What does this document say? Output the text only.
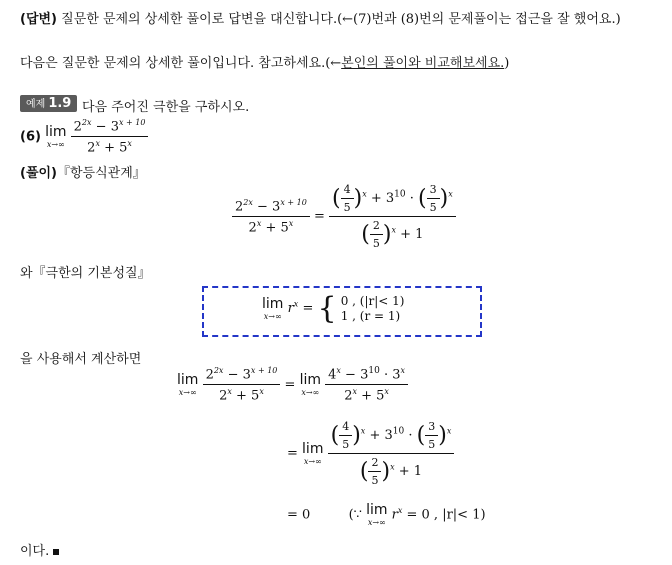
(답변) 질문한 문제의 상세한 풀이로 답변을 대신합니다.(←(7)번과 (8)번의 문제풀이는 접근을 잘 했어요.)
다음은 질문한 문제의 상세한 풀이입니다. 참고하세요.(←본인의 풀이와 비교해보세요.)
예제 1.9 다음 주어진 극한을 구하시오.
(6) lim
x→∞
$\frac{2^{2x} - 3^{x + 10}}{2^x + 5^x}$
(풀이)『항등식관계』
$\frac{2^{2x} - 3^{x + 10}}{2^x + 5^x} = \frac{( \frac{4}{5} )^x + 3^{10} \cdot ( \frac{3}{5} )^x}{( \frac{2}{5} )^x + 1}$
와『극한의 기본성질』
lim
x→∞ $r^x$ = { 0 , (|r|< 1)
1 , (r = 1)
을 사용해서 계산하면
lim
x→∞
$\frac{2^{2x} - 3^{x + 10}}{2^x + 5^x} = \lim$
x→∞
$\frac{4^x - 3^{10} \cdot 3^x}{2^x + 5^x}$
= lim
x→∞
$\frac{( \frac{4}{5} )^x + 3^{10} \cdot ( \frac{3}{5} )^x}{( \frac{2}{5} )^x + 1}$
= 0	(∵ lim
x→∞ $r^x = 0$ , |r|< 1)
이다.
